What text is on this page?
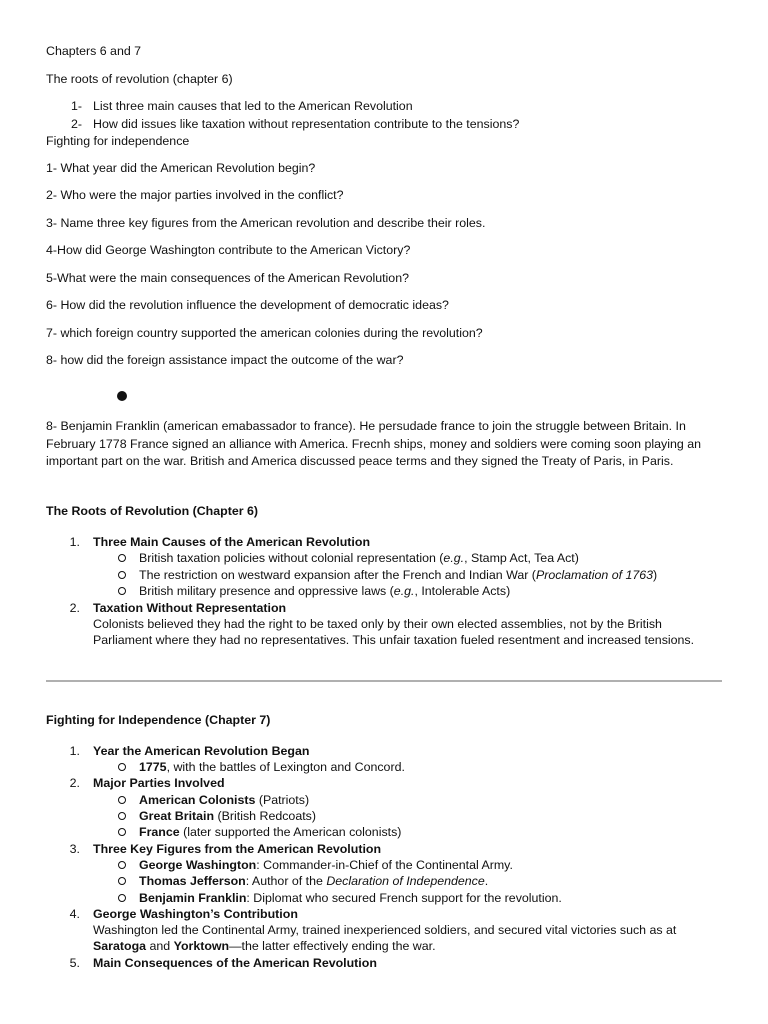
Chapters 6 and 7
The roots of revolution (chapter 6)
1- List three main causes that led to the American Revolution
2- How did issues like taxation without representation contribute to the tensions?
Fighting for independence
1- What year did the American Revolution begin?
2- Who were the major parties involved in the conflict?
3- Name three key figures from the American revolution and describe their roles.
4-How did George Washington contribute to the American Victory?
5-What were the main consequences of the American Revolution?
6- How did the revolution influence the development of democratic ideas?
7- which foreign country supported the american colonies during the revolution?
8- how did the foreign assistance impact the outcome of the war?
8- Benjamin Franklin (american emabassador to france). He persudade france to join the struggle between Britain. In February 1778 France signed an alliance with America. Frecnh ships, money and soldiers were coming soon playing an important part on the war. British and America discussed peace terms and they signed the Treaty of Paris, in Paris.
The Roots of Revolution (Chapter 6)
1. Three Main Causes of the American Revolution
British taxation policies without colonial representation (e.g., Stamp Act, Tea Act)
The restriction on westward expansion after the French and Indian War (Proclamation of 1763)
British military presence and oppressive laws (e.g., Intolerable Acts)
2. Taxation Without Representation
Colonists believed they had the right to be taxed only by their own elected assemblies, not by the British Parliament where they had no representatives. This unfair taxation fueled resentment and increased tensions.
Fighting for Independence (Chapter 7)
1. Year the American Revolution Began
1775, with the battles of Lexington and Concord.
2. Major Parties Involved
American Colonists (Patriots)
Great Britain (British Redcoats)
France (later supported the American colonists)
3. Three Key Figures from the American Revolution
George Washington: Commander-in-Chief of the Continental Army.
Thomas Jefferson: Author of the Declaration of Independence.
Benjamin Franklin: Diplomat who secured French support for the revolution.
4. George Washington’s Contribution
Washington led the Continental Army, trained inexperienced soldiers, and secured vital victories such as at
Saratoga and Yorktown—the latter effectively ending the war.
5. Main Consequences of the American Revolution
